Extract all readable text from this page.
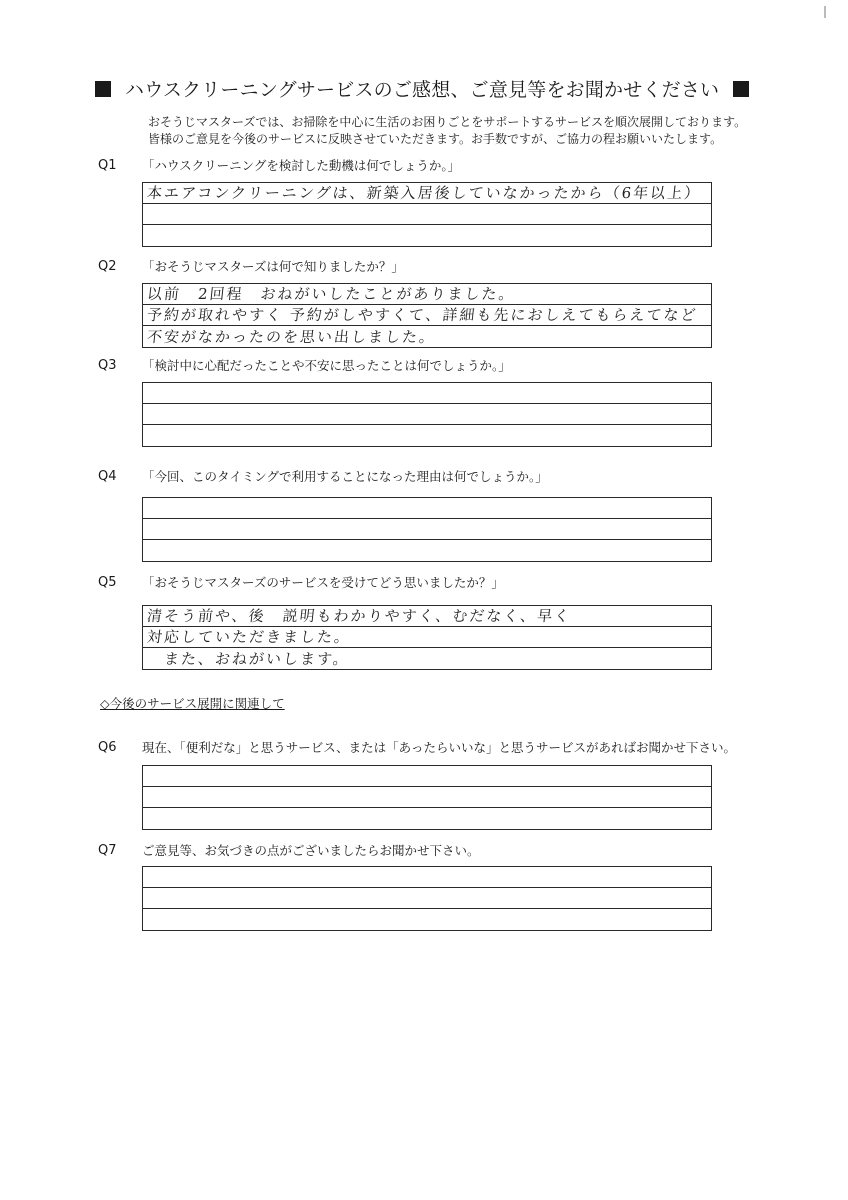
ハウスクリーニングサービスのご感想、ご意見等をお聞かせください
おそうじマスターズでは、お掃除を中心に生活のお困りごとをサポートするサービスを順次展開しております。
皆様のご意見を今後のサービスに反映させていただきます。お手数ですが、ご協力の程お願いいたします。
Q1 「ハウスクリーニングを検討した動機は何でしょうか。」
本エアコンクリーニングは、新築入居後していなかったから（6年以上）
Q2 「おそうじマスターズは何で知りましたか？」
以前　2回程　おねがいしたことがありました。
予約が取れやすく 予約がしやすくて、詳細も先におしえてもらえてなど
不安がなかったのを思い出しました。
Q3 「検討中に心配だったことや不安に思ったことは何でしょうか。」
Q4 「今回、このタイミングで利用することになった理由は何でしょうか。」
Q5 「おそうじマスターズのサービスを受けてどう思いましたか？」
清そう前や、後　説明もわかりやすく、むだなく、早く
対応していただきました。
　また、おねがいします。
◇今後のサービス展開に関連して
Q6 現在、「便利だな」と思うサービス、または「あったらいいな」と思うサービスがあればお聞かせ下さい。
Q7 ご意見等、お気づきの点がございましたらお聞かせ下さい。
